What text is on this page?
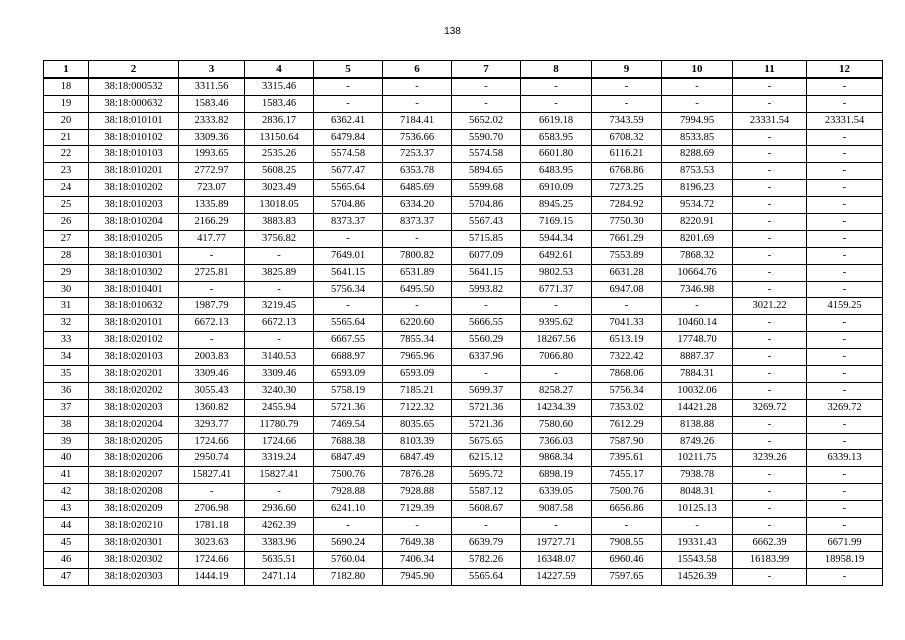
138
1	2	3	4	5	6	7	8	9	10	11	12
18	38:18:000532	3311.56	3315.46	-	-	-	-	-	-	-	-
19	38:18:000632	1583.46	1583.46	-	-	-	-	-	-	-	-
20	38:18:010101	2333.82	2836.17	6362.41	7184.41	5652.02	6619.18	7343.59	7994.95	23331.54	23331.54
21	38:18:010102	3309.36	13150.64	6479.84	7536.66	5590.70	6583.95	6708.32	8533.85	-	-
22	38:18:010103	1993.65	2535.26	5574.58	7253.37	5574.58	6601.80	6116.21	8288.69	-	-
23	38:18:010201	2772.97	5608.25	5677.47	6353.78	5894.65	6483.95	6768.86	8753.53	-	-
24	38:18:010202	723.07	3023.49	5565.64	6485.69	5599.68	6910.09	7273.25	8196.23	-	-
25	38:18:010203	1335.89	13018.05	5704.86	6334.20	5704.86	8945.25	7284.92	9534.72	-	-
26	38:18:010204	2166.29	3883.83	8373.37	8373.37	5567.43	7169.15	7750.30	8220.91	-	-
27	38:18:010205	417.77	3756.82	-	-	5715.85	5944.34	7661.29	8201.69	-	-
28	38:18:010301	-	-	7649.01	7800.82	6077.09	6492.61	7553.89	7868.32	-	-
29	38:18:010302	2725.81	3825.89	5641.15	6531.89	5641.15	9802.53	6631.28	10664.76	-	-
30	38:18:010401	-	-	5756.34	6495.50	5993.82	6771.37	6947.08	7346.98	-	-
31	38:18:010632	1987.79	3219.45	-	-	-	-	-	-	3021.22	4159.25
32	38:18:020101	6672.13	6672.13	5565.64	6220.60	5666.55	9395.62	7041.33	10460.14	-	-
33	38:18:020102	-	-	6667.55	7855.34	5560.29	18267.56	6513.19	17748.70	-	-
34	38:18:020103	2003.83	3140.53	6688.97	7965.96	6337.96	7066.80	7322.42	8887.37	-	-
35	38:18:020201	3309.46	3309.46	6593.09	6593.09	-	-	7868.06	7884.31	-	-
36	38:18:020202	3055.43	3240.30	5758.19	7185.21	5699.37	8258.27	5756.34	10032.06	-	-
37	38:18:020203	1360.82	2455.94	5721.36	7122.32	5721.36	14234.39	7353.02	14421.28	3269.72	3269.72
38	38:18:020204	3293.77	11780.79	7469.54	8035.65	5721.36	7580.60	7612.29	8138.88	-	-
39	38:18:020205	1724.66	1724.66	7688.38	8103.39	5675.65	7366.03	7587.90	8749.26	-	-
40	38:18:020206	2950.74	3319.24	6847.49	6847.49	6215.12	9868.34	7395.61	10211.75	3239.26	6339.13
41	38:18:020207	15827.41	15827.41	7500.76	7876.28	5695.72	6898.19	7455.17	7938.78	-	-
42	38:18:020208	-	-	7928.88	7928.88	5587.12	6339.05	7500.76	8048.31	-	-
43	38:18:020209	2706.98	2936.60	6241.10	7129.39	5608.67	9087.58	6656.86	10125.13	-	-
44	38:18:020210	1781.18	4262.39	-	-	-	-	-	-	-	-
45	38:18:020301	3023.63	3383.96	5690.24	7649.38	6639.79	19727.71	7908.55	19331.43	6662.39	6671.99
46	38:18:020302	1724.66	5635.51	5760.04	7406.34	5782.26	16348.07	6960.46	15543.58	16183.99	18958.19
47	38:18:020303	1444.19	2471.14	7182.80	7945.90	5565.64	14227.59	7597.65	14526.39	-	-
